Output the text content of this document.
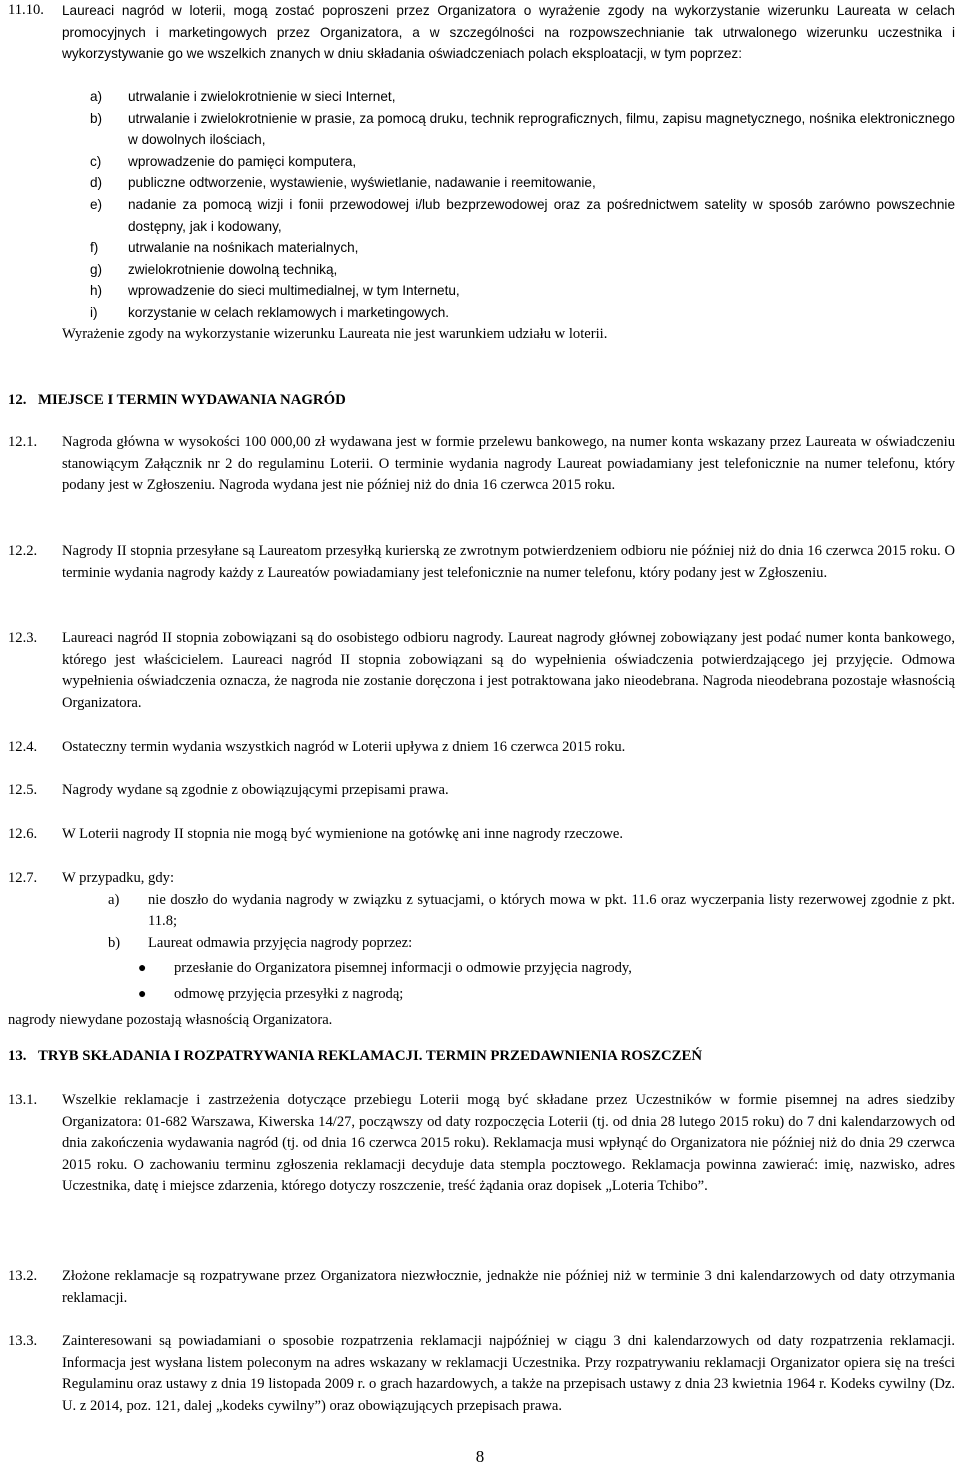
11.10.	Laureaci nagród w loterii, mogą zostać poproszeni przez Organizatora o wyrażenie zgody na wykorzystanie wizerunku Laureata w celach promocyjnych i marketingowych przez Organizatora, a w szczególności na rozpowszechnianie tak utrwalonego wizerunku uczestnika i wykorzystywanie go we wszelkich znanych w dniu składania oświadczeniach polach eksploatacji, w tym poprzez:
a) utrwalanie i zwielokrotnienie w sieci Internet,
b) utrwalanie i zwielokrotnienie w prasie, za pomocą druku, technik reprograficznych, filmu, zapisu magnetycznego, nośnika elektronicznego w dowolnych ilościach,
c) wprowadzenie do pamięci komputera,
d) publiczne odtworzenie, wystawienie, wyświetlanie, nadawanie i reemitowanie,
e) nadanie za pomocą wizji i fonii przewodowej i/lub bezprzewodowej oraz za pośrednictwem satelity w sposób zarówno powszechnie dostępny, jak i kodowany,
f) utrwalanie na nośnikach materialnych,
g) zwielokrotnienie dowolną techniką,
h) wprowadzenie do sieci multimedialnej, w tym Internetu,
i) korzystanie w celach reklamowych i marketingowych.
Wyrażenie zgody na wykorzystanie wizerunku Laureata nie jest warunkiem udziału w loterii.
12. MIEJSCE I TERMIN WYDAWANIA NAGRÓD
12.1.	Nagroda główna w wysokości 100 000,00 zł wydawana jest w formie przelewu bankowego, na numer konta wskazany przez Laureata w oświadczeniu stanowiącym Załącznik nr 2 do regulaminu Loterii. O terminie wydania nagrody Laureat powiadamiany jest telefonicznie na numer telefonu, który podany jest w Zgłoszeniu. Nagroda wydana jest nie później niż do dnia 16 czerwca 2015 roku.
12.2.	Nagrody II stopnia przesyłane są Laureatom przesyłką kurierską ze zwrotnym potwierdzeniem odbioru nie później niż do dnia 16 czerwca 2015 roku. O terminie wydania nagrody każdy z Laureatów powiadamiany jest telefonicznie na numer telefonu, który podany jest w Zgłoszeniu.
12.3.	Laureaci nagród II stopnia zobowiązani są do osobistego odbioru nagrody. Laureat nagrody głównej zobowiązany jest podać numer konta bankowego, którego jest właścicielem. Laureaci nagród II stopnia zobowiązani są do wypełnienia oświadczenia potwierdzającego jej przyjęcie. Odmowa wypełnienia oświadczenia oznacza, że nagroda nie zostanie doręczona i jest potraktowana jako nieodebrana. Nagroda nieodebrana pozostaje własnością Organizatora.
12.4.	Ostateczny termin wydania wszystkich nagród w Loterii upływa z dniem 16 czerwca 2015 roku.
12.5.	Nagrody wydane są zgodnie z obowiązującymi przepisami prawa.
12.6.	W Loterii nagrody II stopnia nie mogą być wymienione na gotówkę ani inne nagrody rzeczowe.
12.7.	W przypadku, gdy:
a) nie doszło do wydania nagrody w związku z sytuacjami, o których mowa w pkt. 11.6 oraz wyczerpania listy rezerwowej zgodnie z pkt. 11.8;
b) Laureat odmawia przyjęcia nagrody poprzez:
● przesłanie do Organizatora pisemnej informacji o odmowie przyjęcia nagrody,
● odmowę przyjęcia przesyłki z nagrodą;
nagrody niewydane pozostają własnością Organizatora.
13. TRYB SKŁADANIA I ROZPATRYWANIA REKLAMACJI. TERMIN PRZEDAWNIENIA ROSZCZEŃ
13.1.	Wszelkie reklamacje i zastrzeżenia dotyczące przebiegu Loterii mogą być składane przez Uczestników w formie pisemnej na adres siedziby Organizatora: 01-682 Warszawa, Kiwerska 14/27, począwszy od daty rozpoczęcia Loterii (tj. od dnia 28 lutego 2015 roku) do 7 dni kalendarzowych od dnia zakończenia wydawania nagród (tj. od dnia 16 czerwca 2015 roku). Reklamacja musi wpłynąć do Organizatora nie później niż do dnia 29 czerwca 2015 roku. O zachowaniu terminu zgłoszenia reklamacji decyduje data stempla pocztowego. Reklamacja powinna zawierać: imię, nazwisko, adres Uczestnika, datę i miejsce zdarzenia, którego dotyczy roszczenie, treść żądania oraz dopisek „Loteria Tchibo”.
13.2.	Złożone reklamacje są rozpatrywane przez Organizatora niezwłocznie, jednakże nie później niż w terminie 3 dni kalendarzowych od daty otrzymania reklamacji.
13.3.	Zainteresowani są powiadamiani o sposobie rozpatrzenia reklamacji najpóźniej w ciągu 3 dni kalendarzowych od daty rozpatrzenia reklamacji. Informacja jest wysłana listem poleconym na adres wskazany w reklamacji Uczestnika. Przy rozpatrywaniu reklamacji Organizator opiera się na treści Regulaminu oraz ustawy z dnia 19 listopada 2009 r. o grach hazardowych, a także na przepisach ustawy z dnia 23 kwietnia 1964 r. Kodeks cywilny (Dz. U. z 2014, poz. 121, dalej „kodeks cywilny”) oraz obowiązujących przepisach prawa.
8
